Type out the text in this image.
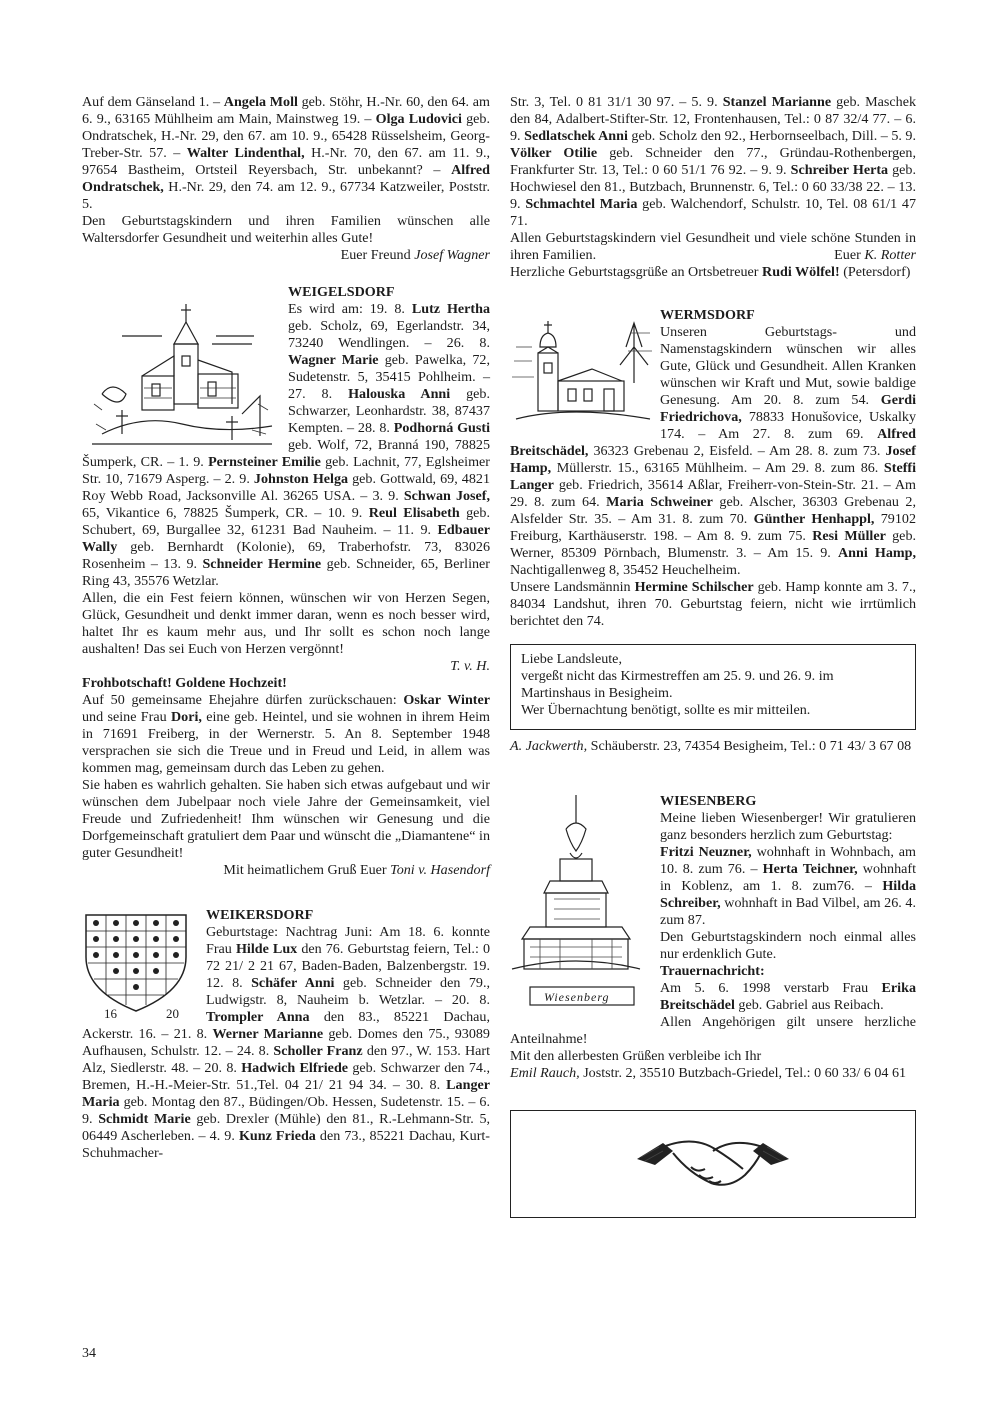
Auf dem Gänseland 1. – Angela Moll geb. Stöhr, H.-Nr. 60, den 64. am 6. 9., 63165 Mühlheim am Main, Mainstweg 19. – Olga Ludovici geb. Ondratschek, H.-Nr. 29, den 67. am 10. 9., 65428 Rüsselsheim, Georg-Treber-Str. 57. – Walter Lindenthal, H.-Nr. 70, den 67. am 11. 9., 97654 Bastheim, Ortsteil Reyersbach, Str. unbekannt? – Alfred Ondratschek, H.-Nr. 29, den 74. am 12. 9., 67734 Katzweiler, Poststr. 5.

Den Geburtstagskindern und ihren Familien wünschen alle Waltersdorfer Gesundheit und weiterhin alles Gute!

Euer Freund Josef Wagner

WEIGELSDORF

Es wird am: 19. 8. Lutz Hertha geb. Scholz, 69, Egerlandstr. 34, 73240 Wendlingen. – 26. 8. Wagner Marie geb. Pawelka, 72, Sudetenstr. 5, 35415 Pohlheim. – 27. 8. Halouska Anni geb. Schwarzer, Leonhardstr. 38, 87437 Kempten. – 28. 8. Podhorná Gusti geb. Wolf, 72, Branná 190, 78825 Šumperk, CR. – 1. 9. Pernsteiner Emilie geb. Lachnit, 77, Eglsheimer Str. 10, 71679 Asperg. – 2. 9. Johnston Helga geb. Gottwald, 69, 4821 Roy Webb Road, Jacksonville Al. 36265 USA. – 3. 9. Schwan Josef, 65, Vikantice 6, 78825 Šumperk, CR. – 10. 9. Reul Elisabeth geb. Schubert, 69, Burgallee 32, 61231 Bad Nauheim. – 11. 9. Edbauer Wally geb. Bernhardt (Kolonie), 69, Traberhofstr. 73, 83026 Rosenheim – 13. 9. Schneider Hermine geb. Schneider, 65, Berliner Ring 43, 35576 Wetzlar.

Allen, die ein Fest feiern können, wünschen wir von Herzen Segen, Glück, Gesundheit und denkt immer daran, wenn es noch besser wird, haltet Ihr es kaum mehr aus, und Ihr sollt es schon noch lange aushalten! Das sei Euch von Herzen vergönnt!

T. v. H.

Frohbotschaft! Goldene Hochzeit!

Auf 50 gemeinsame Ehejahre dürfen zurückschauen: Oskar Winter und seine Frau Dori, eine geb. Heintel, und sie wohnen in ihrem Heim in 71691 Freiberg, in der Wernerstr. 5. An 8. September 1948 versprachen sie sich die Treue und in Freud und Leid, in allem was kommen mag, gemeinsam durch das Leben zu gehen.

Sie haben es wahrlich gehalten. Sie haben sich etwas aufgebaut und wir wünschen dem Jubelpaar noch viele Jahre der Gemeinsamkeit, viel Freude und Zufriedenheit! Ihm wünschen wir Genesung und die Dorfgemeinschaft gratuliert dem Paar und wünscht die „Diamantene“ in guter Gesundheit!

Mit heimatlichem Gruß Euer Toni v. Hasendorf

16	20

WEIKERSDORF

Geburtstage: Nachtrag Juni: Am 18. 6. konnte Frau Hilde Lux den 76. Geburtstag feiern, Tel.: 0 72 21/ 2 21 67, Baden-Baden, Balzenbergstr. 19. 12. 8. Schäfer Anni geb. Schneider den 79., Ludwigstr. 8, Nauheim b. Wetzlar. – 20. 8. Trompler Anna den 83., 85221 Dachau, Ackerstr. 16. – 21. 8. Werner Marianne geb. Domes den 75., 93089 Aufhausen, Schulstr. 12. – 24. 8. Scholler Franz den 97., W. 153. Hart Alz, Siedlerstr. 48. – 20. 8. Hadwich Elfriede geb. Schwarzer den 74., Bremen, H.-H.-Meier-Str. 51.,Tel. 04 21/ 21 94 34. – 30. 8. Langer Maria geb. Montag den 87., Büdingen/Ob. Hessen, Sudetenstr. 15. – 6. 9. Schmidt Marie geb. Drexler (Mühle) den 81., R.-Lehmann-Str. 5, 06449 Ascherleben. – 4. 9. Kunz Frieda den 73., 85221 Dachau, Kurt-Schuhmacher-

Str. 3, Tel. 0 81 31/1 30 97. – 5. 9. Stanzel Marianne geb. Maschek den 84, Adalbert-Stifter-Str. 12, Frontenhausen, Tel.: 0 87 32/4 77. – 6. 9. Sedlatschek Anni geb. Scholz den 92., Herbornseelbach, Dill. – 5. 9. Völker Otilie geb. Schneider den 77., Gründau-Rothenbergen, Frankfurter Str. 13, Tel.: 0 60 51/1 76 92. – 9. 9. Schreiber Herta geb. Hochwiesel den 81., Butzbach, Brunnenstr. 6, Tel.: 0 60 33/38 22. – 13. 9. Schmachtel Maria geb. Walchendorf, Schulstr. 10, Tel. 08 61/1 47 71.

Allen Geburtstagskindern viel Gesundheit und viele schöne Stunden in ihren Familien.	Euer K. Rotter

Herzliche Geburtstagsgrüße an Ortsbetreuer Rudi Wölfel! (Petersdorf)

WERMSDORF

Unseren Geburtstags- und Namenstagskindern wünschen wir alles Gute, Glück und Gesundheit. Allen Kranken wünschen wir Kraft und Mut, sowie baldige Genesung. Am 20. 8. zum 54. Gerdi Friedrichova, 78833 Honušovice, Uskalky 174. – Am 27. 8. zum 69. Alfred Breitschädel, 36323 Grebenau 2, Eisfeld. – Am 28. 8. zum 73. Josef Hamp, Müllerstr. 15., 63165 Mühlheim. – Am 29. 8. zum 86. Steffi Langer geb. Friedrich, 35614 Aßlar, Freiherr-von-Stein-Str. 21. – Am 29. 8. zum 64. Maria Schweiner geb. Alscher, 36303 Grebenau 2, Alsfelder Str. 35. – Am 31. 8. zum 70. Günther Henhappl, 79102 Freiburg, Karthäuserstr. 198. – Am 8. 9. zum 75. Resi Müller geb. Werner, 85309 Pörnbach, Blumenstr. 3. – Am 15. 9. Anni Hamp, Nachtigallenweg 8, 35452 Heuchelheim.

Unsere Landsmännin Hermine Schilscher geb. Hamp konnte am 3. 7., 84034 Landshut, ihren 70. Geburtstag feiern, nicht wie irrtümlich berichtet den 74.

Liebe Landsleute,

vergeßt nicht das Kirmestreffen am 25. 9. und 26. 9. im Martinshaus in Besigheim.

Wer Übernachtung benötigt, sollte es mir mitteilen.

A. Jackwerth, Schäuberstr. 23, 74354 Besigheim, Tel.: 0 71 43/ 3 67 08

Wiesenberg

WIESENBERG

Meine lieben Wiesenberger! Wir gratulieren ganz besonders herzlich zum Geburtstag:

Fritzi Neuzner, wohnhaft in Wohnbach, am 10. 8. zum 76. – Herta Teichner, wohnhaft in Koblenz, am 1. 8. zum76. – Hilda Schreiber, wohnhaft in Bad Vilbel, am 26. 4. zum 87.

Den Geburtstagskindern noch einmal alles nur erdenklich Gute.

Trauernachricht:

Am 5. 6. 1998 verstarb Frau Erika Breitschädel geb. Gabriel aus Reibach.

Allen Angehörigen gilt unsere herzliche Anteilnahme!

Mit den allerbesten Grüßen verbleibe ich Ihr

Emil Rauch, Joststr. 2, 35510 Butzbach-Griedel, Tel.: 0 60 33/ 6 04 61

34
